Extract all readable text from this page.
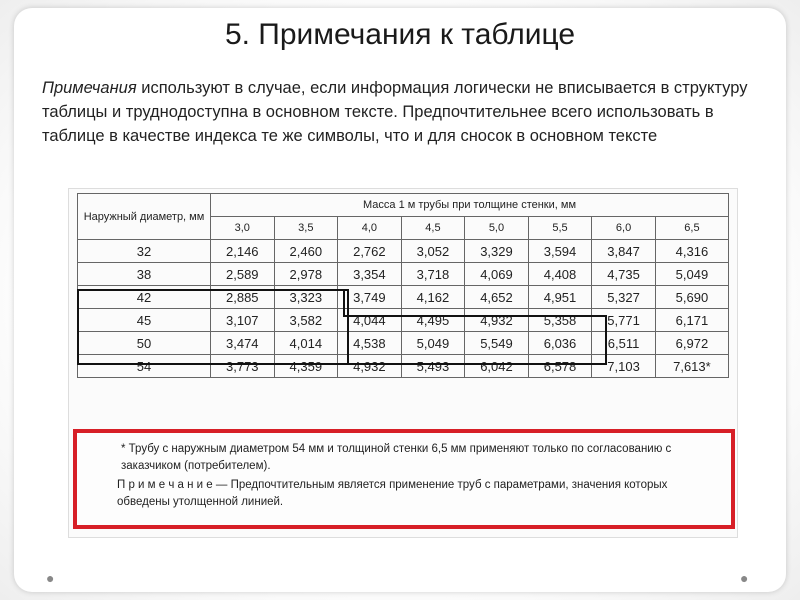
5. Примечания к таблице
Примечания используют в случае, если информация логически не вписывается в структуру таблицы и труднодоступна в основном тексте. Предпочтительнее всего использовать в таблице в качестве индекса те же символы, что и для сносок в основном тексте
Наружный диаметр, мм	Масса 1 м трубы при толщине стенки, мм							
	3,0	3,5	4,0	4,5	5,0	5,5	6,0	6,5
32	2,146	2,460	2,762	3,052	3,329	3,594	3,847	4,316
38	2,589	2,978	3,354	3,718	4,069	4,408	4,735	5,049
42	2,885	3,323	3,749	4,162	4,652	4,951	5,327	5,690
45	3,107	3,582	4,044	4,495	4,932	5,358	5,771	6,171
50	3,474	4,014	4,538	5,049	5,549	6,036	6,511	6,972
54	3,773	4,359	4,932	5,493	6,042	6,578	7,103	7,613*

* Трубу с наружным диаметром 54 мм и толщиной стенки 6,5 мм применяют только по согласованию с заказчиком (потребителем).

П р и м е ч а н и е — Предпочтительным является применение труб с параметрами, значения которых обведены утолщенной линией.

●	●
